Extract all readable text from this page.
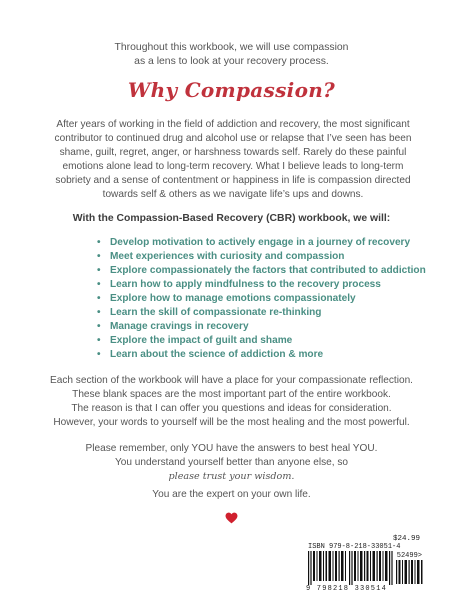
Throughout this workbook, we will use compassion
as a lens to look at your recovery process.
Why Compassion?
After years of working in the field of addiction and recovery, the most significant
contributor to continued drug and alcohol use or relapse that I’ve seen has been
shame, guilt, regret, anger, or harshness towards self. Rarely do these painful
emotions alone lead to long-term recovery. What I believe leads to long-term
sobriety and a sense of contentment or happiness in life is compassion directed
towards self & others as we navigate life’s ups and downs.
With the Compassion-Based Recovery (CBR) workbook, we will:
• Develop motivation to actively engage in a journey of recovery
• Meet experiences with curiosity and compassion
• Explore compassionately the factors that contributed to addiction
• Learn how to apply mindfulness to the recovery process
• Explore how to manage emotions compassionately
• Learn the skill of compassionate re-thinking
• Manage cravings in recovery
• Explore the impact of guilt and shame
• Learn about the science of addiction & more
Each section of the workbook will have a place for your compassionate reflection.
These blank spaces are the most important part of the entire workbook.
The reason is that I can offer you questions and ideas for consideration.
However, your words to yourself will be the most healing and the most powerful.
Please remember, only YOU have the answers to best heal YOU.
You understand yourself better than anyone else, so
please trust your wisdom.
You are the expert on your own life.
$24.99
ISBN 979-8-218-33051-4
52499>
9 798218 330514
